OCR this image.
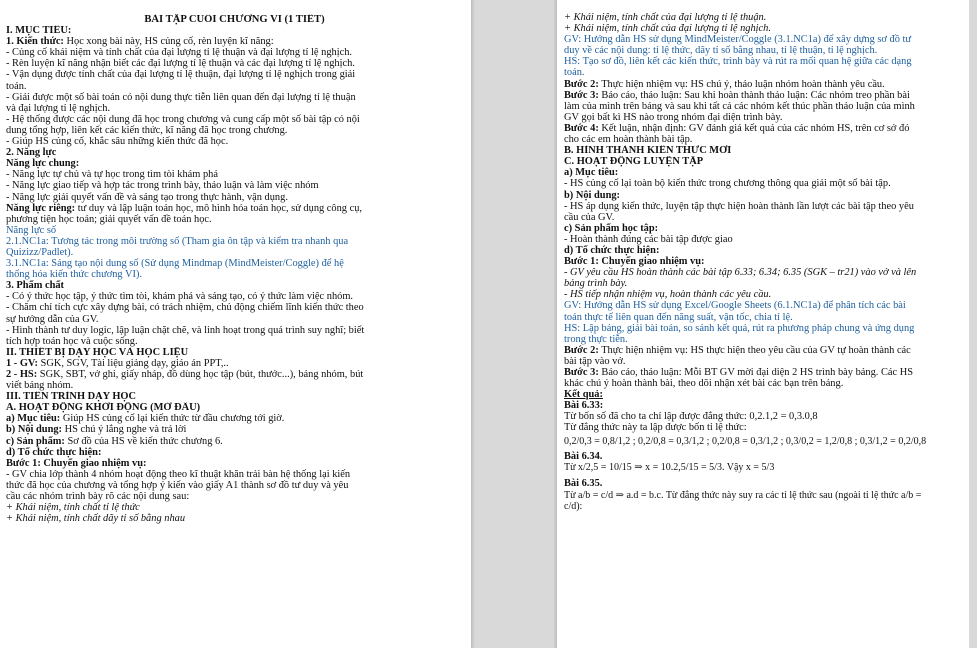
BÀI TẬP CUỐI CHƯƠNG VI (1 TIẾT)
I. MỤC TIÊU:
1. Kiến thức: Học xong bài này, HS củng cố, rèn luyện kĩ năng:
- Củng cố khái niệm và tính chất của đại lượng tỉ lệ thuận và đại lượng tỉ lệ nghịch.
- Rèn luyện kĩ năng nhận biết các đại lượng tỉ lệ thuận và các đại lượng tỉ lệ nghịch.
- Vận dụng được tính chất của đại lượng tỉ lệ thuận, đại lượng tỉ lệ nghịch trong giải
toán.
- Giải được một số bài toán có nội dung thực tiễn liên quan đến đại lượng tỉ lệ thuận
và đại lượng tỉ lệ nghịch.
- Hệ thống được các nội dung đã học trong chương và cung cấp một số bài tập có nội
dung tổng hợp, liên kết các kiến thức, kĩ năng đã học trong chương.
- Giúp HS củng cố, khắc sâu những kiến thức đã học.
2. Năng lực
Năng lực chung:
- Năng lực tự chủ và tự học trong tìm tòi khám phá
- Năng lực giao tiếp và hợp tác trong trình bày, thảo luận và làm việc nhóm
- Năng lực giải quyết vấn đề và sáng tạo trong thực hành, vận dụng.
Năng lực riêng: tư duy và lập luận toán học, mô hình hóa toán học, sử dụng công cụ,
phương tiện học toán; giải quyết vấn đề toán học.
Năng lực số
2.1.NC1a: Tương tác trong môi trường số (Tham gia ôn tập và kiểm tra nhanh qua
Quizizz/Padlet).
3.1.NC1a: Sáng tạo nội dung số (Sử dụng Mindmap (MindMeister/Coggle) để hệ
thống hóa kiến thức chương VI).
3. Phẩm chất
- Có ý thức học tập, ý thức tìm tòi, khám phá và sáng tạo, có ý thức làm việc nhóm.
- Chăm chỉ tích cực xây dựng bài, có trách nhiệm, chủ động chiếm lĩnh kiến thức theo
sự hướng dẫn của GV.
- Hình thành tư duy logic, lập luận chặt chẽ, và linh hoạt trong quá trình suy nghĩ; biết
tích hợp toán học và cuộc sống.
II. THIẾT BỊ DẠY HỌC VÀ HỌC LIỆU
1 - GV: SGK, SGV, Tài liệu giảng dạy, giáo án PPT,..
2 - HS: SGK, SBT, vở ghi, giấy nháp, đồ dùng học tập (bút, thước...), bảng nhóm, bút
viết bảng nhóm.
III. TIẾN TRÌNH DẠY HỌC
A. HOẠT ĐỘNG KHỞI ĐỘNG (MỞ ĐẦU)
a) Mục tiêu: Giúp HS củng cố lại kiến thức từ đầu chương tới giờ.
b) Nội dung: HS chú ý lắng nghe và trả lời
c) Sản phẩm: Sơ đồ của HS về kiến thức chương 6.
d) Tổ chức thực hiện:
Bước 1: Chuyển giao nhiệm vụ:
- GV chia lớp thành 4 nhóm hoạt động theo kĩ thuật khăn trải bàn hệ thống lại kiến
thức đã học của chương và tổng hợp ý kiến vào giấy A1 thành sơ đồ tư duy và yêu
cầu các nhóm trình bày rõ các nội dung sau:
+ Khái niệm, tính chất tỉ lệ thức
+ Khái niệm, tính chất dãy tỉ số bằng nhau
+ Khái niệm, tính chất của đại lượng tỉ lệ thuận.
+ Khái niệm, tính chất của đại lượng tỉ lệ nghịch.
GV: Hướng dẫn HS sử dụng MindMeister/Coggle (3.1.NC1a) để xây dựng sơ đồ tư
duy về các nội dung: tỉ lệ thức, dãy tỉ số bằng nhau, tỉ lệ thuận, tỉ lệ nghịch.
HS: Tạo sơ đồ, liên kết các kiến thức, trình bày và rút ra mối quan hệ giữa các dạng
toán.
Bước 2: Thực hiện nhiệm vụ: HS chú ý, thảo luận nhóm hoàn thành yêu cầu.
Bước 3: Báo cáo, thảo luận: Sau khi hoàn thành thảo luận: Các nhóm treo phần bài
làm của mình trên bảng và sau khi tất cả các nhóm kết thúc phần thảo luận của mình
GV gọi bất kì HS nào trong nhóm đại diện trình bày.
Bước 4: Kết luận, nhận định: GV đánh giá kết quả của các nhóm HS, trên cơ sở đó
cho các em hoàn thành bài tập.
B. HÌNH THÀNH KIẾN THỨC MỚI
C. HOẠT ĐỘNG LUYỆN TẬP
a) Mục tiêu:
- HS củng cố lại toàn bộ kiến thức trong chương thông qua giải một số bài tập.
b) Nội dung:
- HS áp dụng kiến thức, luyện tập thực hiện hoàn thành lần lượt các bài tập theo yêu
cầu của GV.
c) Sản phẩm học tập:
- Hoàn thành đúng các bài tập được giao
d) Tổ chức thực hiện:
Bước 1: Chuyển giao nhiệm vụ:
- GV yêu cầu HS hoàn thành các bài tập 6.33; 6.34; 6.35 (SGK – tr21) vào vở và lên
bảng trình bày.
- HS tiếp nhận nhiệm vụ, hoàn thành các yêu cầu.
GV: Hướng dẫn HS sử dụng Excel/Google Sheets (6.1.NC1a) để phân tích các bài
toán thực tế liên quan đến năng suất, vận tốc, chia tỉ lệ.
HS: Lập bảng, giải bài toán, so sánh kết quả, rút ra phương pháp chung và ứng dụng
trong thực tiễn.
Bước 2: Thực hiện nhiệm vụ: HS thực hiện theo yêu cầu của GV tự hoàn thành các
bài tập vào vở.
Bước 3: Báo cáo, thảo luận: Mỗi BT GV mời đại diện 2 HS trình bày bảng. Các HS
khác chú ý hoàn thành bài, theo dõi nhận xét bài các bạn trên bảng.
Kết quả:
Bài 6.33:
Từ bốn số đã cho ta chỉ lập được đẳng thức: 0,2.1,2 = 0,3.0,8
Từ đẳng thức này ta lập được bốn tỉ lệ thức:
0,2/0,3 = 0,8/1,2 ; 0,2/0,8 = 0,3/1,2 ; 0,2/0,8 = 0,3/1,2 ; 0,3/0,2 = 1,2/0,8 ; 0,3/1,2 = 0,2/0,8
Bài 6.34.
Từ x/2,5 = 10/15 ⇒ x = 10.2,5/15 = 5/3. Vậy x = 5/3
Bài 6.35.
Từ a/b = c/d ⇒ a.d = b.c. Từ đẳng thức này suy ra các tỉ lệ thức sau (ngoài tỉ lệ thức a/b =
c/d):
